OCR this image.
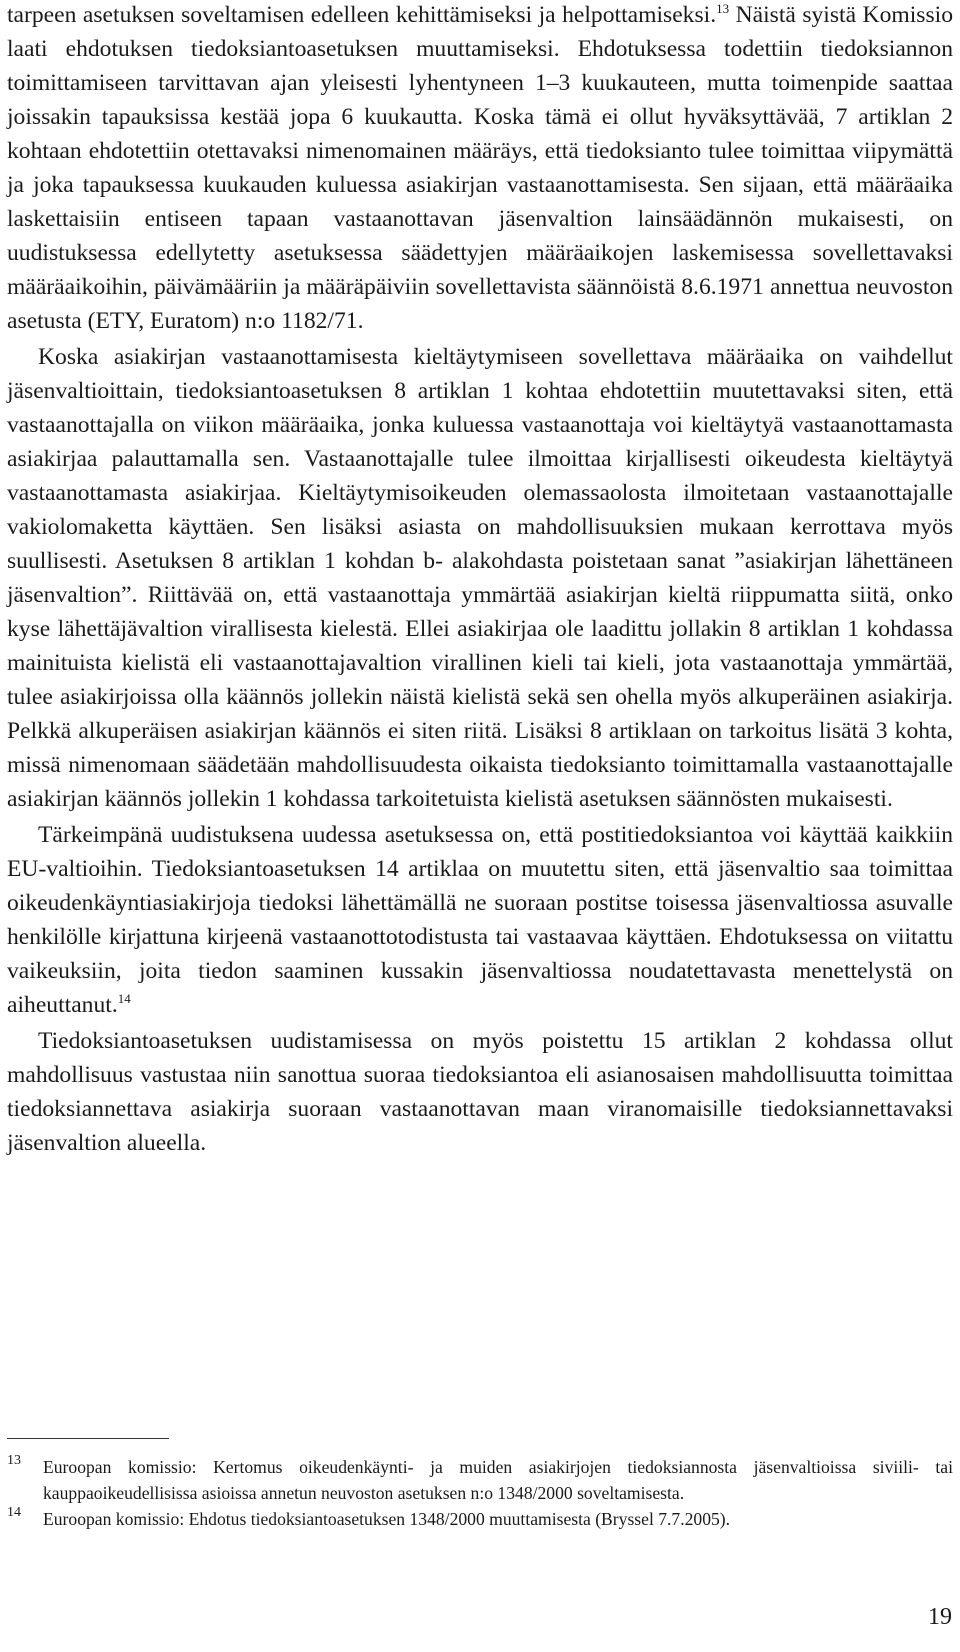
tarpeen asetuksen soveltamisen edelleen kehittämiseksi ja helpottamiseksi.$^{13}$ Näistä syistä Komissio laati ehdotuksen tiedoksiantoasetuksen muuttamiseksi. Ehdotuksessa todettiin tiedoksiannon toimittamiseen tarvittavan ajan yleisesti lyhentyneen 1–3 kuukauteen, mutta toimenpide saattaa joissakin tapauksissa kestää jopa 6 kuukautta. Koska tämä ei ollut hyväksyttävää, 7 artiklan 2 kohtaan ehdotettiin otettavaksi nimenomainen määräys, että tiedoksianto tulee toimittaa viipymättä ja joka tapauksessa kuukauden kuluessa asiakirjan vastaanottamisesta. Sen sijaan, että määräaika laskettaisiin entiseen tapaan vastaanottavan jäsenvaltion lainsäädännön mukaisesti, on uudistuksessa edellytetty asetuksessa säädettyjen määräaikojen laskemisessa sovellettavaksi määräaikoihin, päivämääriin ja määräpäiviin sovellettavista säännöistä 8.6.1971 annettua neuvoston asetusta (ETY, Euratom) n:o 1182/71.

Koska asiakirjan vastaanottamisesta kieltäytymiseen sovellettava määräaika on vaihdellut jäsenvaltioittain, tiedoksiantoasetuksen 8 artiklan 1 kohtaa ehdotettiin muutettavaksi siten, että vastaanottajalla on viikon määräaika, jonka kuluessa vastaanottaja voi kieltäytyä vastaanottamasta asiakirjaa palauttamalla sen. Vastaanottajalle tulee ilmoittaa kirjallisesti oikeudesta kieltäytyä vastaanottamasta asiakirjaa. Kieltäytymisoikeuden olemassaolosta ilmoitetaan vastaanottajalle vakiolomaketta käyttäen. Sen lisäksi asiasta on mahdollisuuksien mukaan kerrottava myös suullisesti. Asetuksen 8 artiklan 1 kohdan b- alakohdasta poistetaan sanat ”asiakirjan lähettäneen jäsenvaltion”. Riittävää on, että vastaanottaja ymmärtää asiakirjan kieltä riippumatta siitä, onko kyse lähettäjävaltion virallisesta kielestä. Ellei asiakirjaa ole laadittu jollakin 8 artiklan 1 kohdassa mainituista kielistä eli vastaanottajavaltion virallinen kieli tai kieli, jota vastaanottaja ymmärtää, tulee asiakirjoissa olla käännös jollekin näistä kielistä sekä sen ohella myös alkuperäinen asiakirja. Pelkkä alkuperäisen asiakirjan käännös ei siten riitä. Lisäksi 8 artiklaan on tarkoitus lisätä 3 kohta, missä nimenomaan säädetään mahdollisuudesta oikaista tiedoksianto toimittamalla vastaanottajalle asiakirjan käännös jollekin 1 kohdassa tarkoitetuista kielistä asetuksen säännösten mukaisesti.

Tärkeimpänä uudistuksena uudessa asetuksessa on, että postitiedoksiantoa voi käyttää kaikkiin EU-valtioihin. Tiedoksiantoasetuksen 14 artiklaa on muutettu siten, että jäsenvaltio saa toimittaa oikeudenkäyntiasiakirjoja tiedoksi lähettämällä ne suoraan postitse toisessa jäsenvaltiossa asuvalle henkilölle kirjattuna kirjeenä vastaanottotodistusta tai vastaavaa käyttäen. Ehdotuksessa on viitattu vaikeuksiin, joita tiedon saaminen kussakin jäsenvaltiossa noudatettavasta menettelystä on aiheuttanut.$^{14}$

Tiedoksiantoasetuksen uudistamisessa on myös poistettu 15 artiklan 2 kohdassa ollut mahdollisuus vastustaa niin sanottua suoraa tiedoksiantoa eli asianosaisen mahdollisuutta toimittaa tiedoksiannettava asiakirja suoraan vastaanottavan maan viranomaisille tiedoksiannettavaksi jäsenvaltion alueella.

13 Euroopan komissio: Kertomus oikeudenkäynti- ja muiden asiakirjojen tiedoksiannosta jäsenvaltioissa siviili- tai kauppaoikeudellisissa asioissa annetun neuvoston asetuksen n:o 1348/2000 soveltamisesta.

14 Euroopan komissio: Ehdotus tiedoksiantoasetuksen 1348/2000 muuttamisesta (Bryssel 7.7.2005).

19
